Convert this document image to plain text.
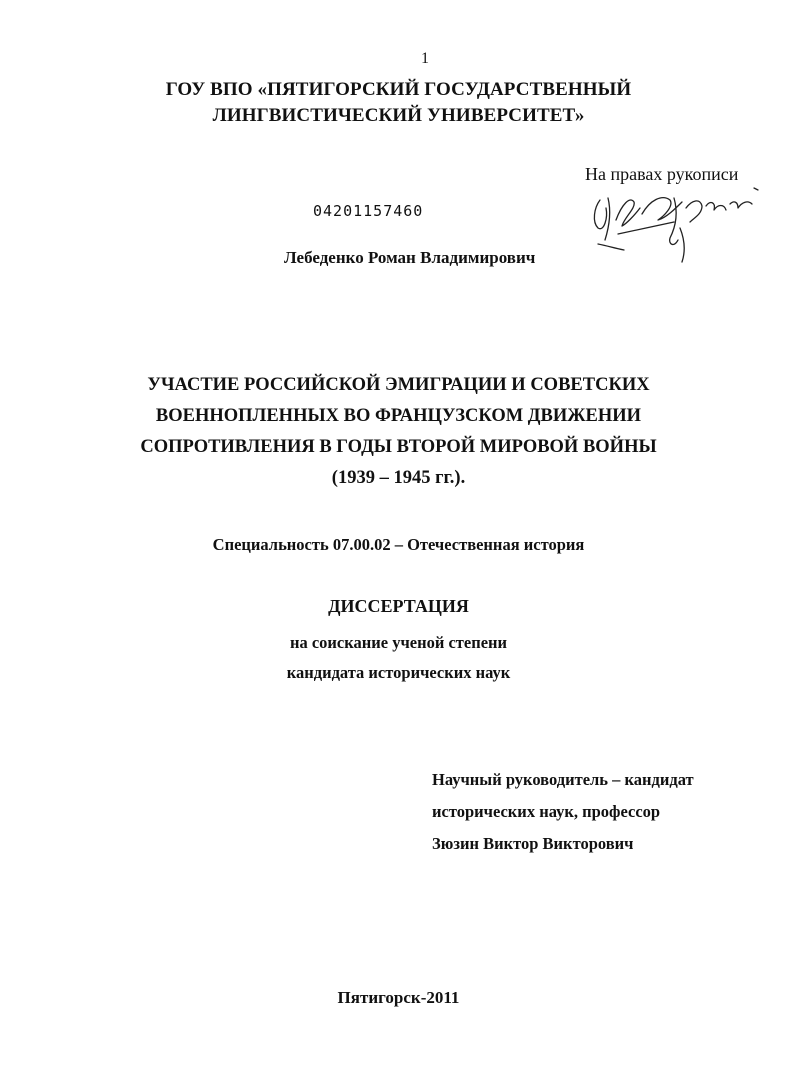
1
ГОУ ВПО «ПЯТИГОРСКИЙ ГОСУДАРСТВЕННЫЙ
ЛИНГВИСТИЧЕСКИЙ УНИВЕРСИТЕТ»
На правах рукописи
04201157460
Лебеденко Роман Владимирович
УЧАСТИЕ РОССИЙСКОЙ ЭМИГРАЦИИ И СОВЕТСКИХ
ВОЕННОПЛЕННЫХ ВО ФРАНЦУЗСКОМ ДВИЖЕНИИ
СОПРОТИВЛЕНИЯ В ГОДЫ ВТОРОЙ МИРОВОЙ ВОЙНЫ
(1939 – 1945 гг.).
Специальность 07.00.02 – Отечественная история
ДИССЕРТАЦИЯ
на соискание ученой степени
кандидата исторических наук
Научный руководитель – кандидат
исторических наук, профессор
Зюзин Виктор Викторович
Пятигорск-2011
